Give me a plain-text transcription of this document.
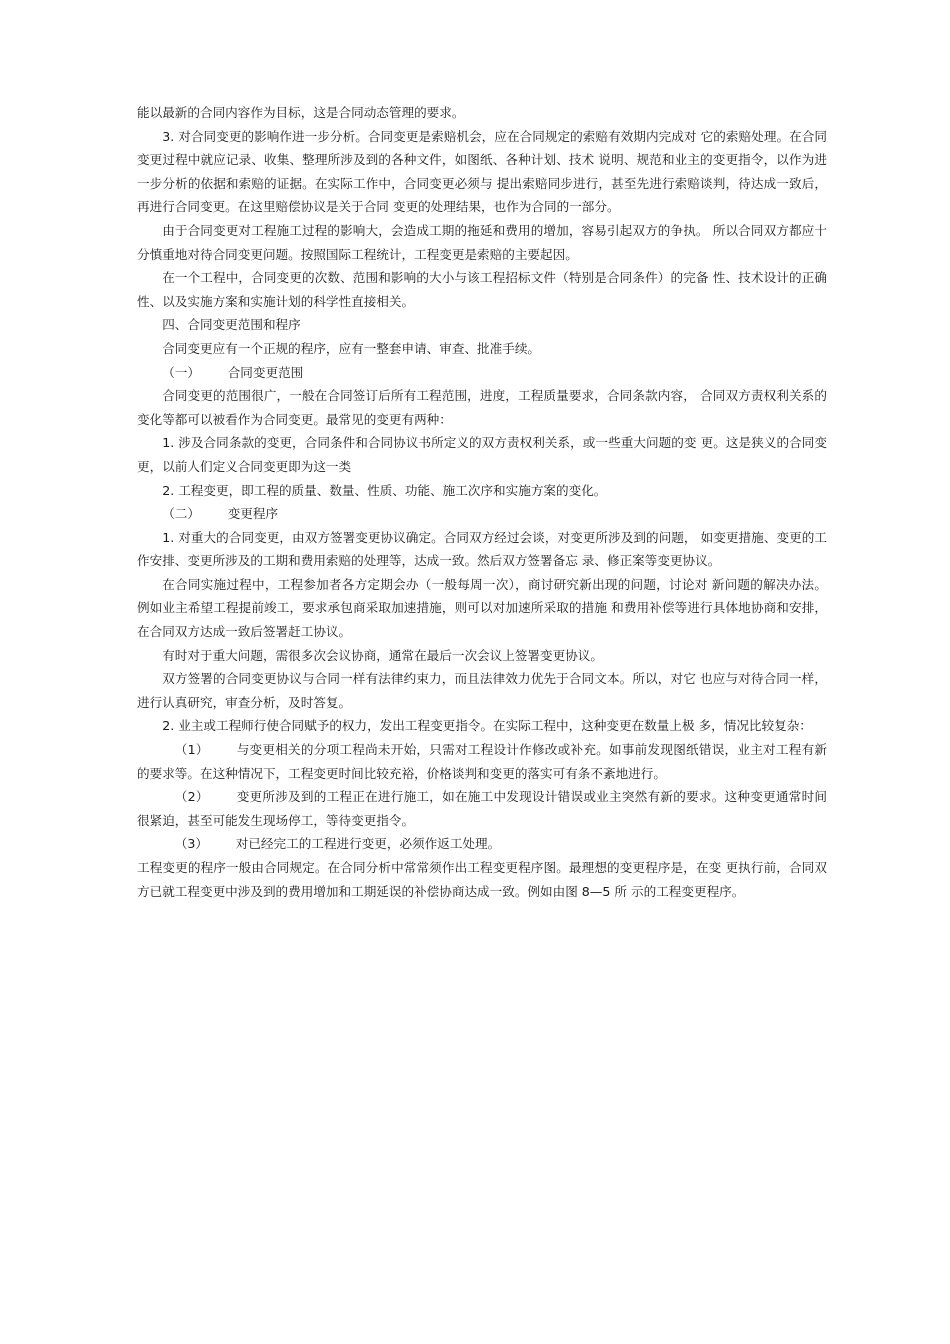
能以最新的合同内容作为目标，这是合同动态管理的要求。

3. 对合同变更的影响作进一步分析。合同变更是索赔机会，应在合同规定的索赔有效期内完成对 它的索赔处理。在合同变更过程中就应记录、收集、整理所涉及到的各种文件，如图纸、各种计划、技术 说明、规范和业主的变更指令，以作为进一步分析的依据和索赔的证据。在实际工作中，合同变更必须与 提出索赔同步进行，甚至先进行索赔谈判，待达成一致后，再进行合同变更。在这里赔偿协议是关于合同 变更的处理结果，也作为合同的一部分。

由于合同变更对工程施工过程的影响大，会造成工期的拖延和费用的增加，容易引起双方的争执。 所以合同双方都应十分慎重地对待合同变更问题。按照国际工程统计，工程变更是索赔的主要起因。

在一个工程中，合同变更的次数、范围和影响的大小与该工程招标文件（特别是合同条件）的完备 性、技术设计的正确性、以及实施方案和实施计划的科学性直接相关。

四、合同变更范围和程序

合同变更应有一个正规的程序，应有一整套申请、审查、批准手续。

（一） 合同变更范围

合同变更的范围很广，一般在合同签订后所有工程范围，进度，工程质量要求，合同条款内容， 合同双方责权利关系的变化等都可以被看作为合同变更。最常见的变更有两种：

1. 涉及合同条款的变更，合同条件和合同协议书所定义的双方责权利关系，或一些重大问题的变 更。这是狭义的合同变更，以前人们定义合同变更即为这一类

2. 工程变更，即工程的质量、数量、性质、功能、施工次序和实施方案的变化。

（二） 变更程序

1. 对重大的合同变更，由双方签署变更协议确定。合同双方经过会谈，对变更所涉及到的问题， 如变更措施、变更的工作安排、变更所涉及的工期和费用索赔的处理等，达成一致。然后双方签署备忘 录、修正案等变更协议。

在合同实施过程中，工程参加者各方定期会办（一般每周一次），商讨研究新出现的问题，讨论对 新问题的解决办法。例如业主希望工程提前竣工，要求承包商采取加速措施，则可以对加速所采取的措施 和费用补偿等进行具体地协商和安排，在合同双方达成一致后签署赶工协议。

有时对于重大问题，需很多次会议协商，通常在最后一次会议上签署变更协议。

双方签署的合同变更协议与合同一样有法律约束力，而且法律效力优先于合同文本。所以，对它 也应与对待合同一样，进行认真研究，审查分析，及时答复。

2. 业主或工程师行使合同赋予的权力，发出工程变更指令。在实际工程中，这种变更在数量上极 多，情况比较复杂：

（1） 与变更相关的分项工程尚未开始，只需对工程设计作修改或补充。如事前发现图纸错误，业主对工程有新的要求等。在这种情况下，工程变更时间比较充裕，价格谈判和变更的落实可有条不紊地进行。

（2） 变更所涉及到的工程正在进行施工，如在施工中发现设计错误或业主突然有新的要求。这种变更通常时间很紧迫，甚至可能发生现场停工，等待变更指令。

（3） 对已经完工的工程进行变更，必须作返工处理。

工程变更的程序一般由合同规定。在合同分析中常常须作出工程变更程序图。最理想的变更程序是，在变 更执行前，合同双方已就工程变更中涉及到的费用增加和工期延误的补偿协商达成一致。例如由图 8—5 所 示的工程变更程序。
